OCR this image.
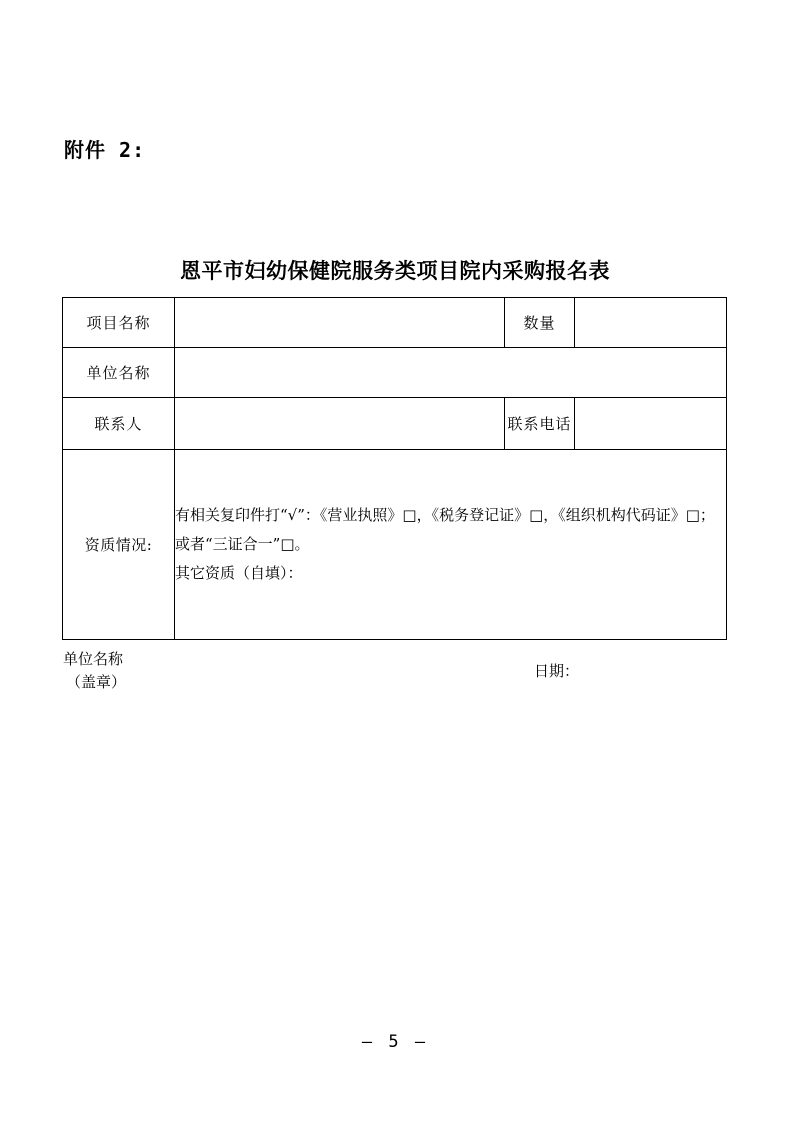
附件 2:
恩平市妇幼保健院服务类项目院内采购报名表
项目名称		数量	
单位名称			
联系人		联系电话	
资质情况:	有相关复印件打“√”：《营业执照》□，《税务登记证》□，《组织机构代码证》□；或者“三证合一”□。
其它资质（自填）：		
单位名称
（盖章）
日期：
— 5 —
